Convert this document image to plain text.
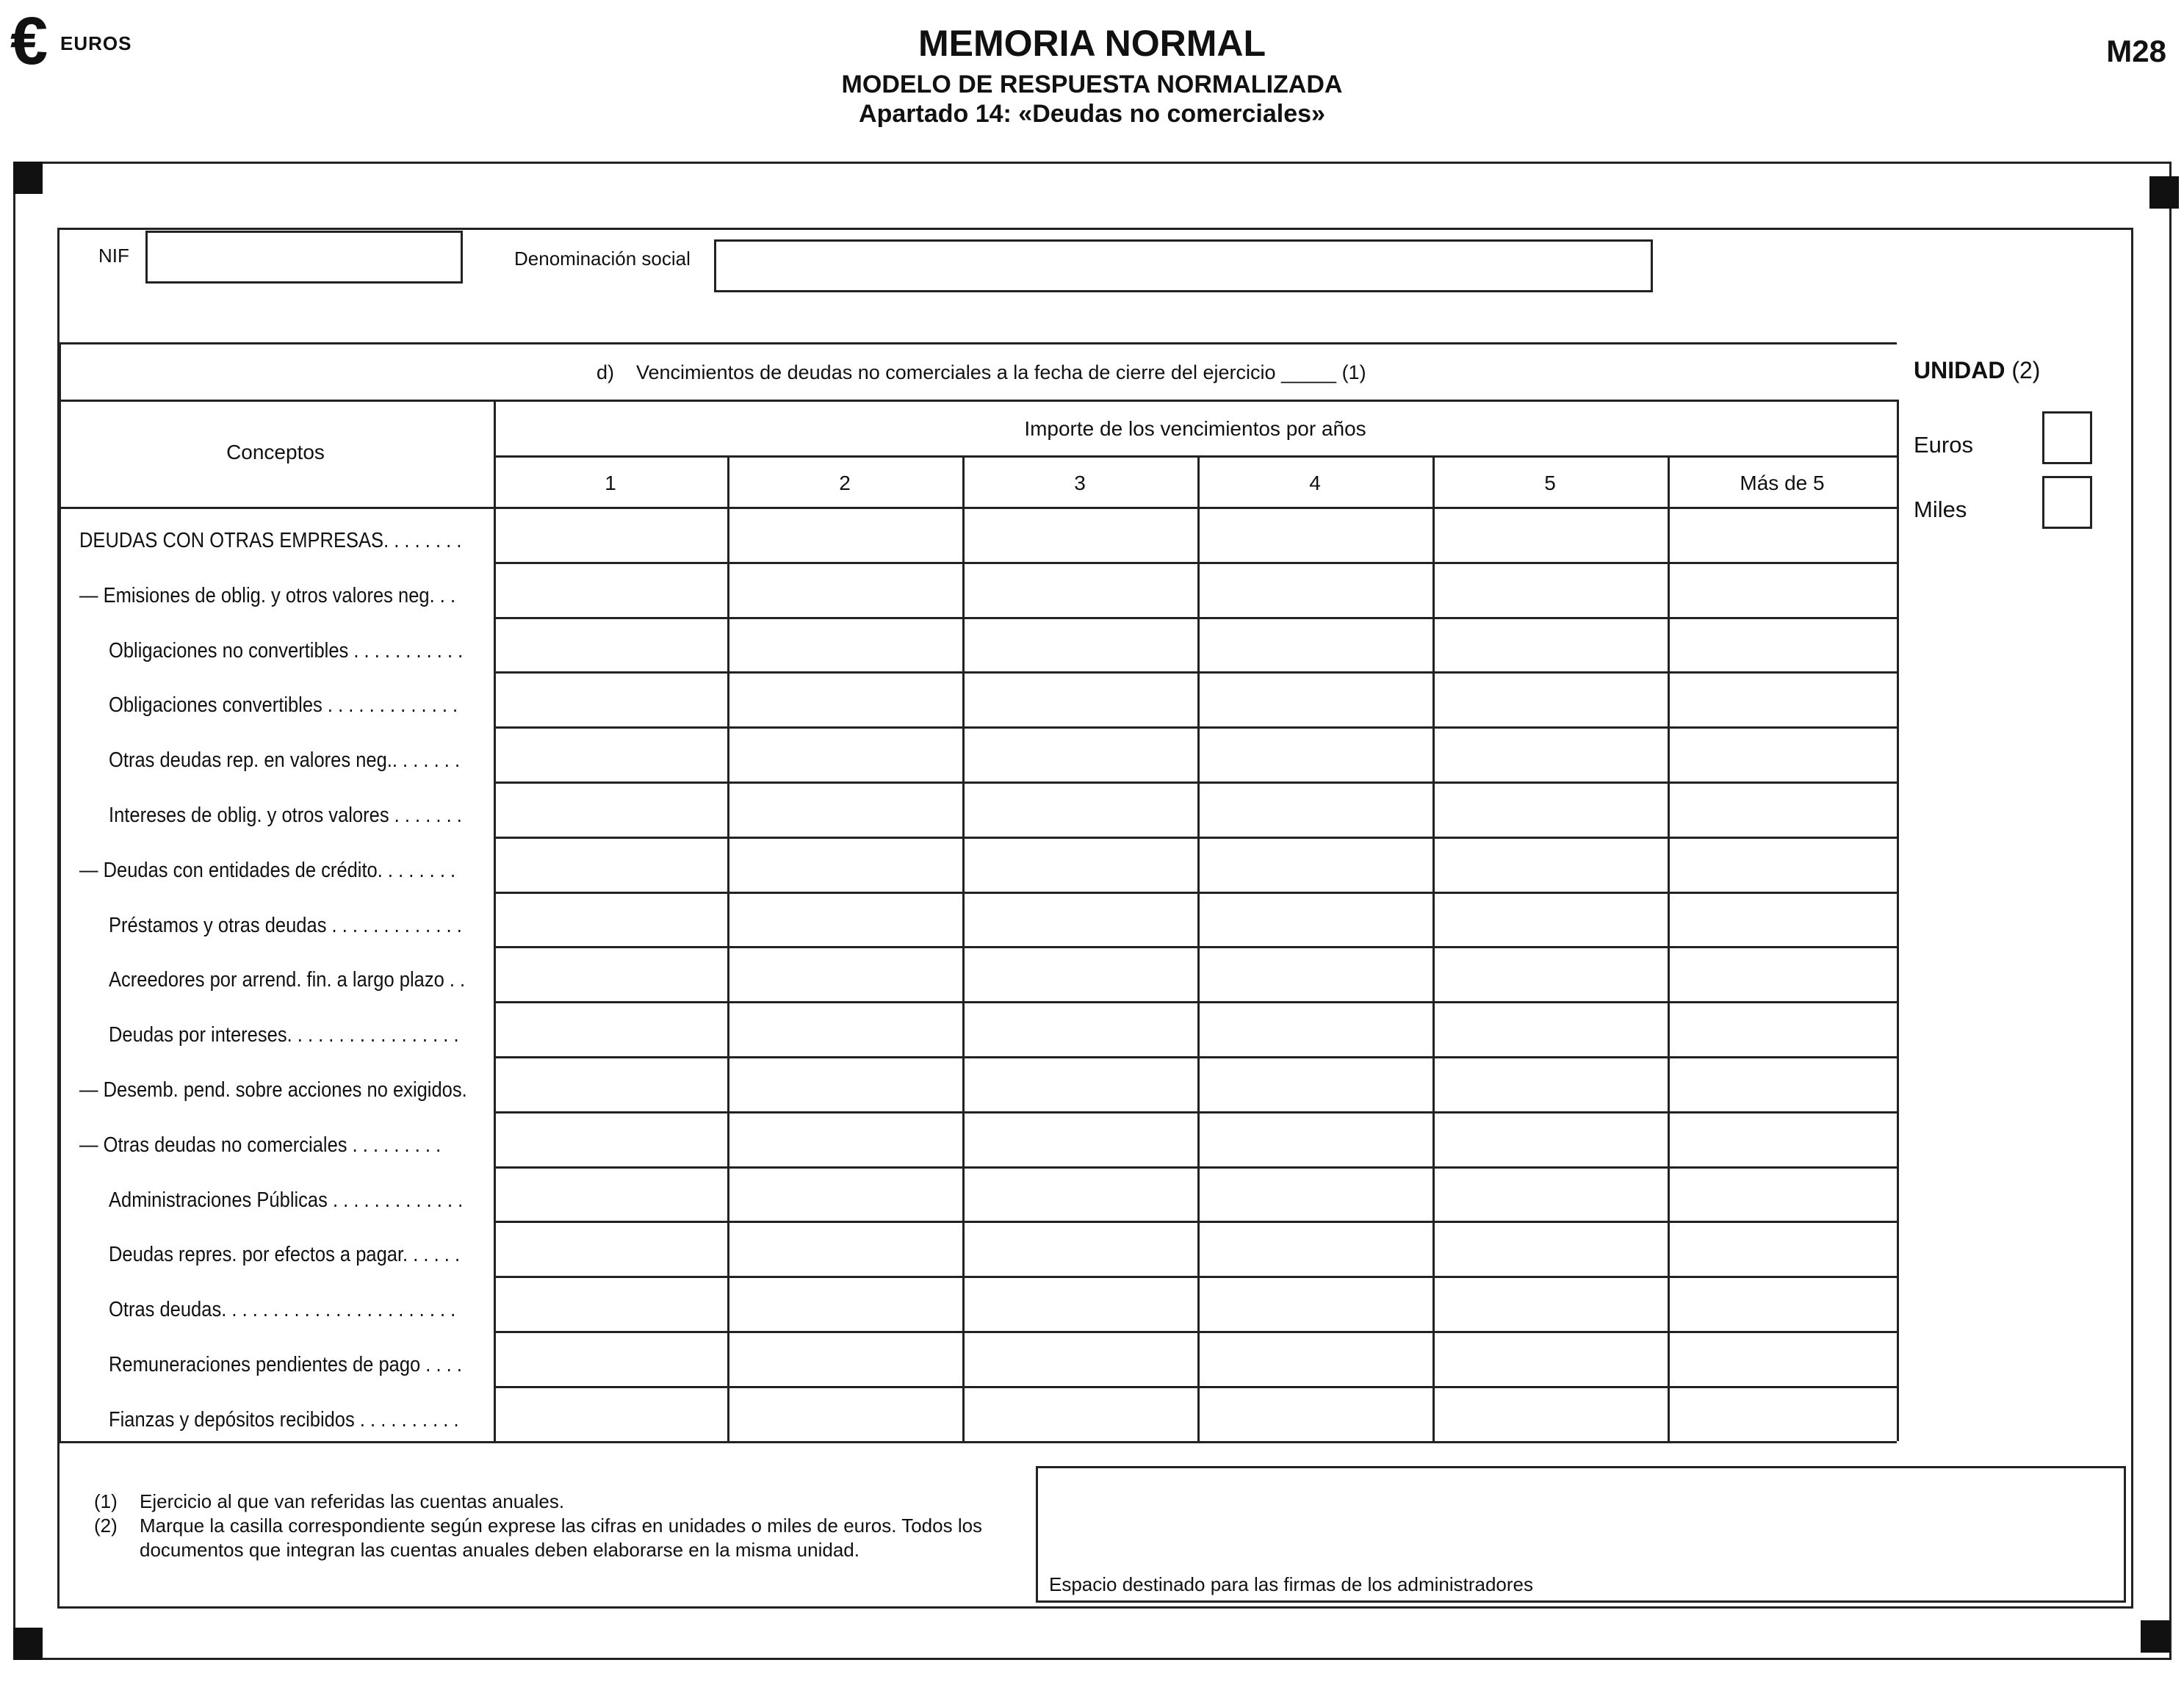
€ EUROS	MEMORIA NORMAL
MODELO DE RESPUESTA NORMALIZADA
Apartado 14: «Deudas no comerciales»
M28
NIF	Denominación social
d) Vencimientos de deudas no comerciales a la fecha de cierre del ejercicio _____ (1)
Conceptos
Importe de los vencimientos por años
1	2	3	4	5	Más de 5
DEUDAS CON OTRAS EMPRESAS. . . . . . . .
— Emisiones de oblig. y otros valores neg. . .
Obligaciones no convertibles . . . . . . . . . . .
Obligaciones convertibles . . . . . . . . . . . . .
Otras deudas rep. en valores neg.. . . . . . .
Intereses de oblig. y otros valores . . . . . . .
— Deudas con entidades de crédito. . . . . . . .
Préstamos y otras deudas . . . . . . . . . . . . .
Acreedores por arrend. fin. a largo plazo . .
Deudas por intereses. . . . . . . . . . . . . . . . .
— Desemb. pend. sobre acciones no exigidos.
— Otras deudas no comerciales . . . . . . . . .
Administraciones Públicas . . . . . . . . . . . . .
Deudas repres. por efectos a pagar. . . . . .
Otras deudas. . . . . . . . . . . . . . . . . . . . . . .
Remuneraciones pendientes de pago . . . .
Fianzas y depósitos recibidos . . . . . . . . . .
UNIDAD (2)
Euros
Miles
(1) Ejercicio al que van referidas las cuentas anuales.
(2) Marque la casilla correspondiente según exprese las cifras en unidades o miles de euros. Todos los
documentos que integran las cuentas anuales deben elaborarse en la misma unidad.
Espacio destinado para las firmas de los administradores
